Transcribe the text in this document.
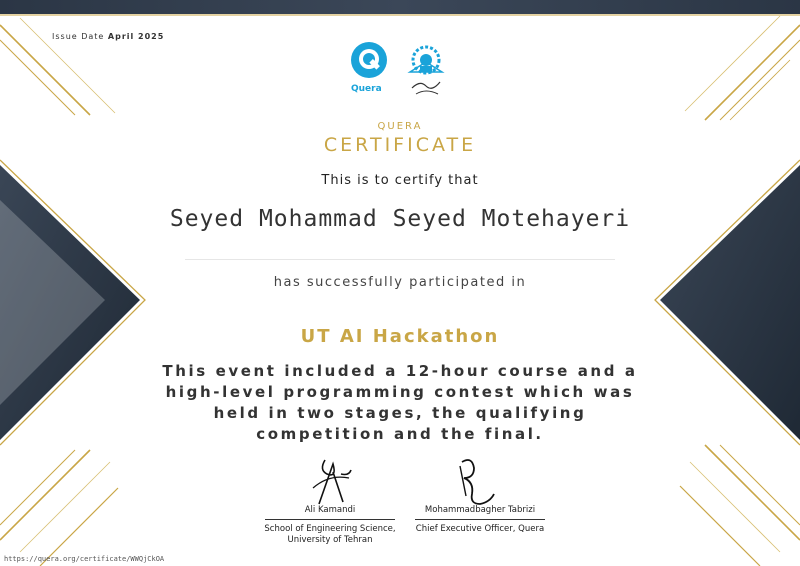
Issue Date April 2025
Quera
QUERA
CERTIFICATE
This is to certify that
Seyed Mohammad Seyed Motehayeri
has successfully participated in
UT AI Hackathon
This event included a 12-hour course and a high-level programming contest which was held in two stages, the qualifying competition and the final.
Ali Kamandi
School of Engineering Science,
University of Tehran
Mohammadbagher Tabrizi
Chief Executive Officer, Quera
https://quera.org/certificate/WWQjCkOA
